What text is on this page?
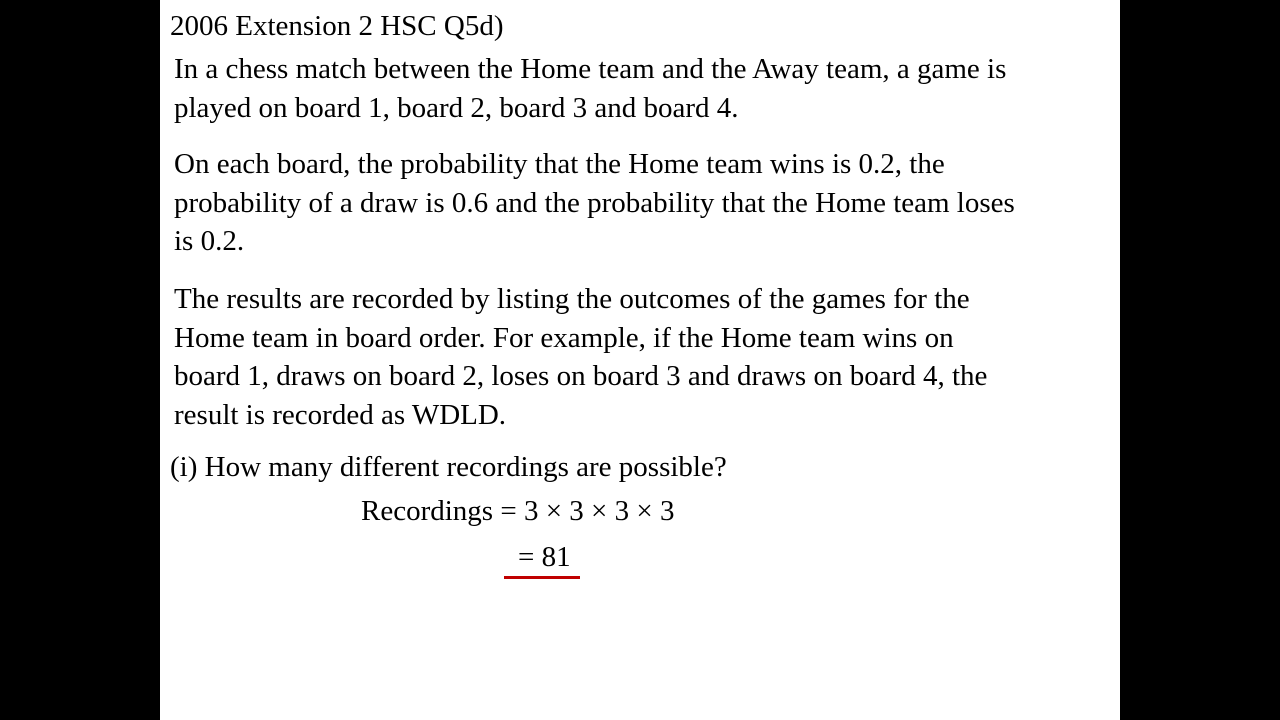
2006 Extension 2 HSC Q5d)
In a chess match between the Home team and the Away team, a game is
played on board 1, board 2, board 3 and board 4.
On each board, the probability that the Home team wins is 0.2, the
probability of a draw is 0.6 and the probability that the Home team loses
is 0.2.
The results are recorded by listing the outcomes of the games for the
Home team in board order. For example, if the Home team wins on
board 1, draws on board 2, loses on board 3 and draws on board 4, the
result is recorded as WDLD.
(i) How many different recordings are possible?
Recordings = 3 × 3 × 3 × 3
= 81
